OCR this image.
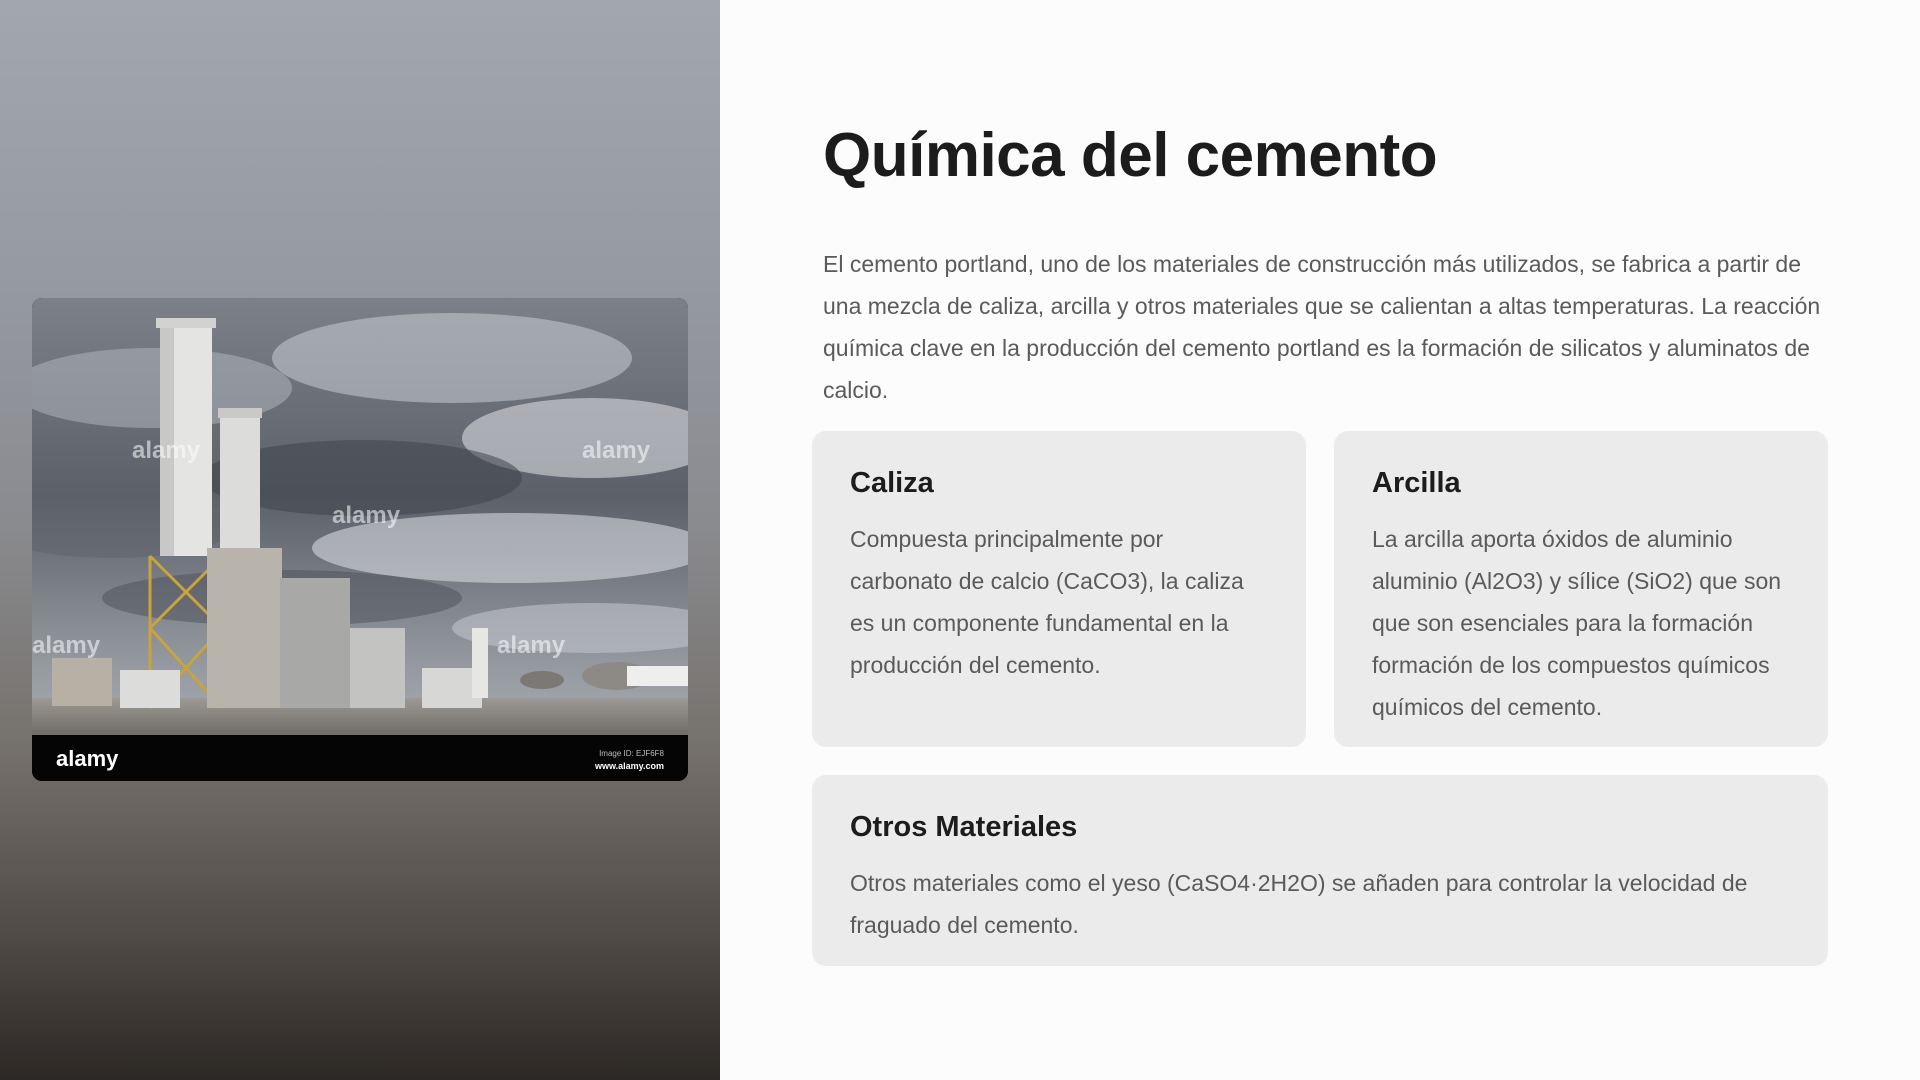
alamy	alamy
alamy
alamy	alamy
alamy	Image ID: EJF6F8
www.alamy.com
Química del cemento

El cemento portland, uno de los materiales de construcción más utilizados, se fabrica a partir de una mezcla de caliza, arcilla y otros materiales que se calientan a altas temperaturas. La reacción química clave en la producción del cemento portland es la formación de silicatos y aluminatos de calcio.

Caliza

Compuesta principalmente por carbonato de calcio (CaCO3), la caliza es un componente fundamental en la producción del cemento.

Arcilla

La arcilla aporta óxidos de aluminio aluminio (Al2O3) y sílice (SiO2) que son que son esenciales para la formación formación de los compuestos químicos químicos del cemento.

Otros Materiales

Otros materiales como el yeso (CaSO4·2H2O) se añaden para controlar la velocidad de fraguado del cemento.
